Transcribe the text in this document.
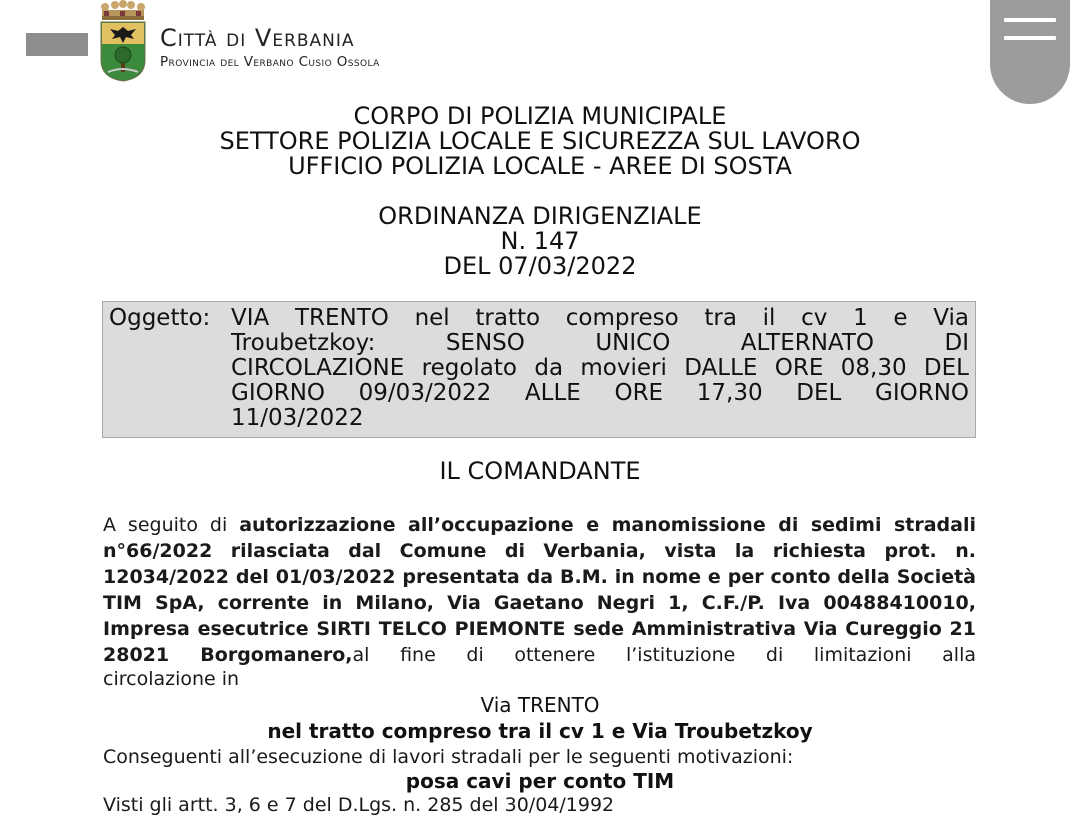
Città di Verbania
Provincia del Verbano Cusio Ossola
CORPO DI POLIZIA MUNICIPALE
SETTORE POLIZIA LOCALE E SICUREZZA SUL LAVORO
UFFICIO POLIZIA LOCALE - AREE DI SOSTA
ORDINANZA DIRIGENZIALE
N. 147
DEL 07/03/2022
Oggetto: VIA TRENTO nel tratto compreso tra il cv 1 e Via
Troubetzkoy: SENSO UNICO ALTERNATO DI
CIRCOLAZIONE regolato da movieri DALLE ORE 08,30 DEL
GIORNO 09/03/2022 ALLE ORE 17,30 DEL GIORNO
11/03/2022
IL COMANDANTE
A seguito di autorizzazione all’occupazione e manomissione di sedimi stradali
n°66/2022 rilasciata dal Comune di Verbania, vista la richiesta prot. n.
12034/2022 del 01/03/2022 presentata da B.M. in nome e per conto della Società
TIM SpA, corrente in Milano, Via Gaetano Negri 1, C.F./P. Iva 00488410010,
Impresa esecutrice SIRTI TELCO PIEMONTE sede Amministrativa Via Cureggio 21
28021 Borgomanero,al fine di ottenere l’istituzione di limitazioni alla
circolazione in
Via TRENTO
nel tratto compreso tra il cv 1 e Via Troubetzkoy
Conseguenti all’esecuzione di lavori stradali per le seguenti motivazioni:
posa cavi per conto TIM
Visti gli artt. 3, 6 e 7 del D.Lgs. n. 285 del 30/04/1992
